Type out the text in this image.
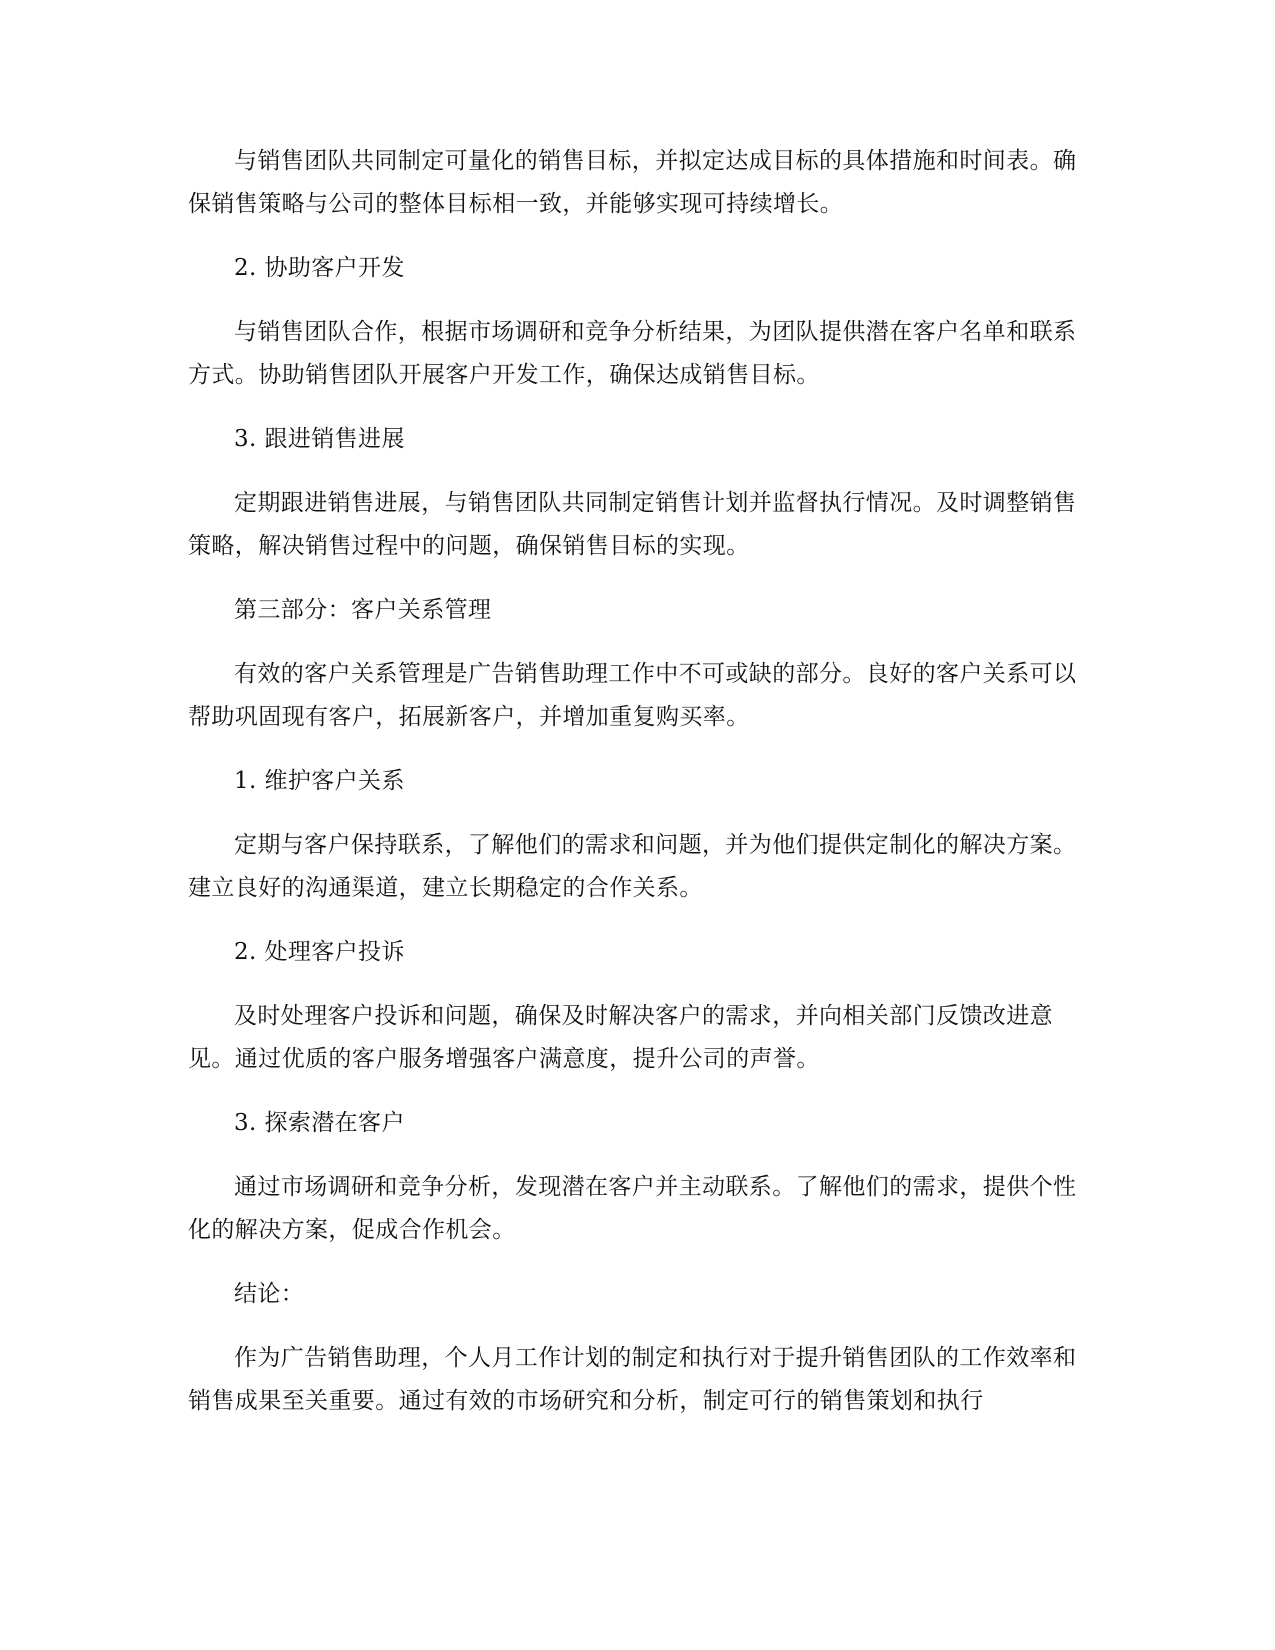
与销售团队共同制定可量化的销售目标，并拟定达成目标的具体措施和时间表。确保销售策略与公司的整体目标相一致，并能够实现可持续增长。

2. 协助客户开发

与销售团队合作，根据市场调研和竞争分析结果，为团队提供潜在客户名单和联系方式。协助销售团队开展客户开发工作，确保达成销售目标。

3. 跟进销售进展

定期跟进销售进展，与销售团队共同制定销售计划并监督执行情况。及时调整销售策略，解决销售过程中的问题，确保销售目标的实现。

第三部分：客户关系管理

有效的客户关系管理是广告销售助理工作中不可或缺的部分。良好的客户关系可以帮助巩固现有客户，拓展新客户，并增加重复购买率。

1. 维护客户关系

定期与客户保持联系，了解他们的需求和问题，并为他们提供定制化的解决方案。建立良好的沟通渠道，建立长期稳定的合作关系。

2. 处理客户投诉

及时处理客户投诉和问题，确保及时解决客户的需求，并向相关部门反馈改进意见。通过优质的客户服务增强客户满意度，提升公司的声誉。

3. 探索潜在客户

通过市场调研和竞争分析，发现潜在客户并主动联系。了解他们的需求，提供个性化的解决方案，促成合作机会。

结论：

作为广告销售助理，个人月工作计划的制定和执行对于提升销售团队的工作效率和销售成果至关重要。通过有效的市场研究和分析，制定可行的销售策划和执行
